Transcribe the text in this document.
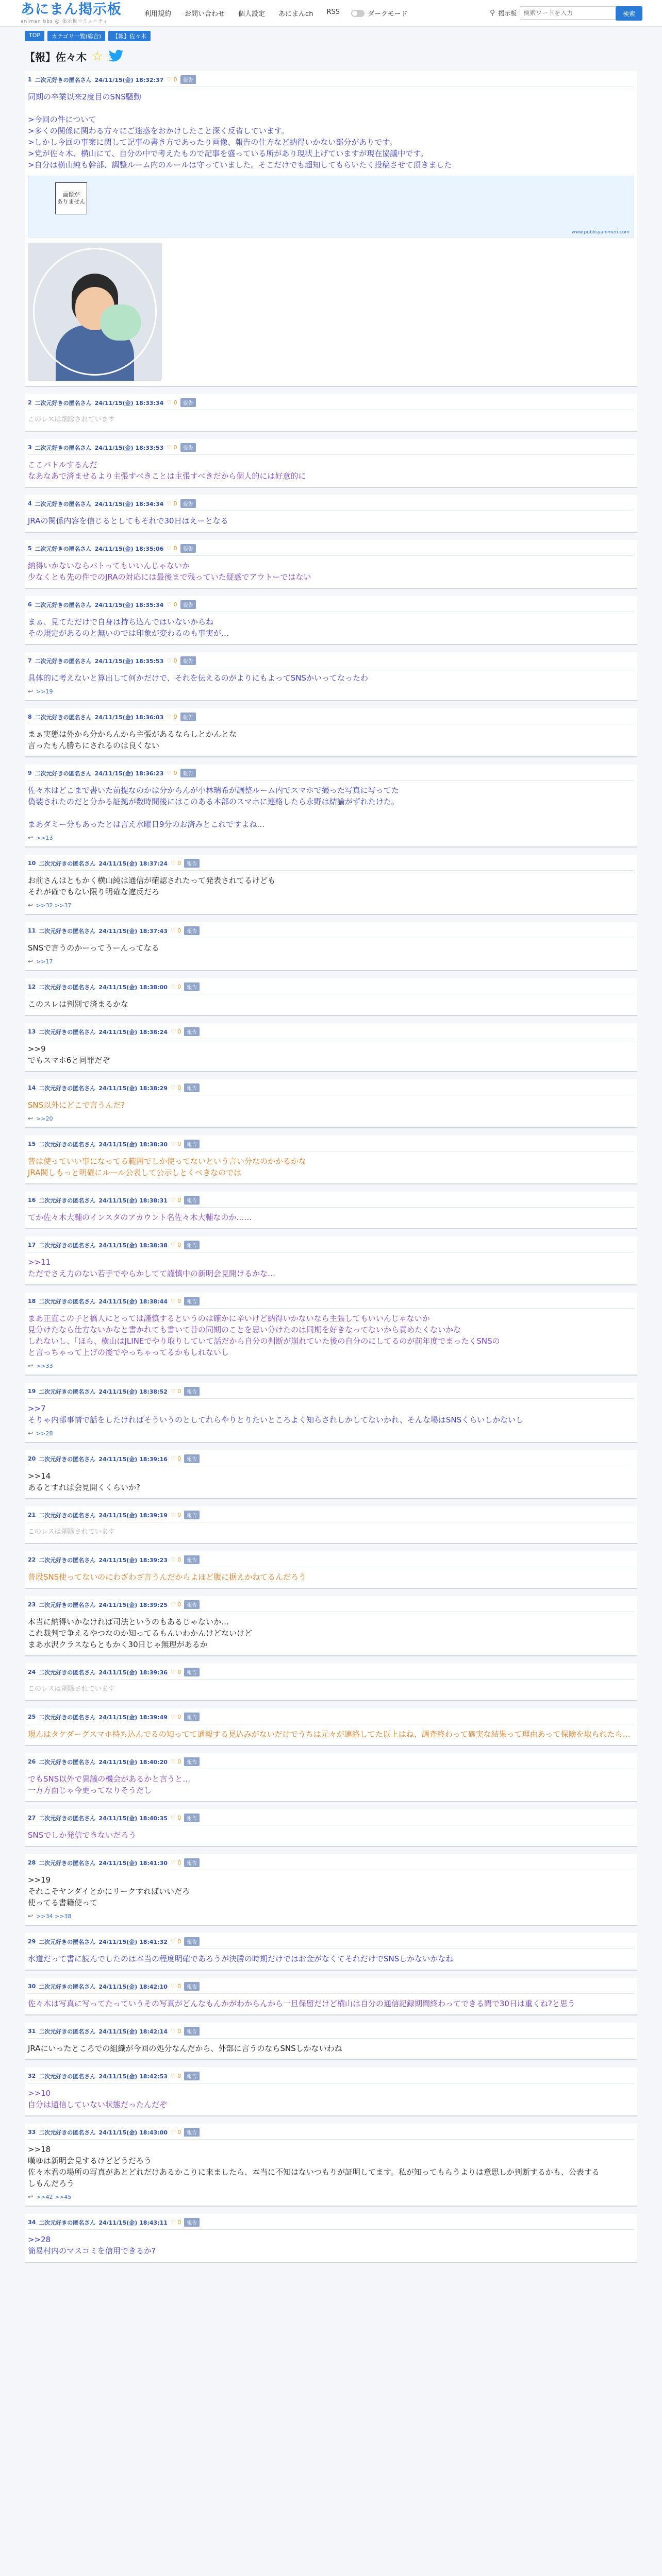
あにまん掲示板
animan bbs @ 掲示板コミュニティ
利用規約 お問い合わせ 個人設定 あにまんch RSS	ダークモード	⚲ 掲示板
検索ワードを入力	検索
TOP	カテゴリ一覧(総合)	【報】佐々木
【報】佐々木 ☆
1 二次元好きの匿名さん 24/11/15(金) 18:32:37 ♡ 0	報告
同期の卒業以来2度目のSNS騒動

>今回の件について
>多くの関係に関わる方々にご迷惑をおかけしたこと深く反省しています。
>しかし今回の事案に関して記事の書き方であったり画像、報告の仕方など納得いかない部分がありです。
>党が佐々木、横山にて、自分の中で考えたもので記事を盛っている所があり現状上げていますが現在協議中です。
>自分は横山純も幹部、調整ルーム内のルールは守っていました。そこだけでも超知してもらいたく投稿させて頂きました
画像が
ありません
www.publisyanimeri.com
2 二次元好きの匿名さん 24/11/15(金) 18:33:34 ♡ 0	報告
このレスは削除されています
3 二次元好きの匿名さん 24/11/15(金) 18:33:53 ♡ 0	報告
ここバトルするんだ
なあなあで済ませるより主張すべきことは主張すべきだから個人的には好意的に
4 二次元好きの匿名さん 24/11/15(金) 18:34:34 ♡ 0	報告
JRAの関係内容を信じるとしてもそれで30日はえーとなる
5 二次元好きの匿名さん 24/11/15(金) 18:35:06 ♡ 0	報告
納得いかないならバトってもいいんじゃないか
少なくとも先の件でのJRAの対応には最後まで残っていた疑惑でアウトーではない
6 二次元好きの匿名さん 24/11/15(金) 18:35:34 ♡ 0	報告
まぁ、見てただけで自身は持ち込んではいないからね
その規定があるのと無いのでは印象が変わるのも事実が…
7 二次元好きの匿名さん 24/11/15(金) 18:35:53 ♡ 0	報告
具体的に考えないと算出して何かだけで、それを伝えるのがよりにもよってSNSかいってなったわ
↩ >>19
8 二次元好きの匿名さん 24/11/15(金) 18:36:03 ♡ 0	報告
まぁ実態は外から分からんから主張があるならしとかんとな
言ったもん勝ちにされるのは良くない
9 二次元好きの匿名さん 24/11/15(金) 18:36:23 ♡ 0	報告
佐々木はどこまで書いた前提なのかは分からんが小林瑞希が調整ルーム内でスマホで撮った写真に写ってた
偽装されたのだと分かる証拠が数時間後にはこのある本部のスマホに連絡したら永野は結論がずれたけた。

まあダミー分もあったとは言え水曜日9分のお済みとこれですよね…
↩ >>13
10 二次元好きの匿名さん 24/11/15(金) 18:37:24 ♡ 0	報告
お前さんはともかく横山純は通信が確認されたって発表されてるけども
それが確でもない限り明確な違反だろ
↩ >>32 >>37
11 二次元好きの匿名さん 24/11/15(金) 18:37:43 ♡ 0	報告
SNSで言うのかーってうーんってなる
↩ >>17
12 二次元好きの匿名さん 24/11/15(金) 18:38:00 ♡ 0	報告
このスレは判別で済まるかな
13 二次元好きの匿名さん 24/11/15(金) 18:38:24 ♡ 0	報告
>>9
でもスマホ6と同罪だぞ
14 二次元好きの匿名さん 24/11/15(金) 18:38:29 ♡ 0	報告
SNS以外にどこで言うんだ?
↩ >>20
15 二次元好きの匿名さん 24/11/15(金) 18:38:30 ♡ 0	報告
普は使っていい事になってる範囲でしか使ってないという言い分なのかかるかな
JRA関しもっと明確にルール公表して公示しとくべきなのでは
16 二次元好きの匿名さん 24/11/15(金) 18:38:31 ♡ 0	報告
てか佐々木大輔のインスタのアカウント名佐々木大輔なのか……
17 二次元好きの匿名さん 24/11/15(金) 18:38:38 ♡ 0	報告
>>11
ただでさえ力のない若手でやらかしてて謹慎中の新明会見開けるかな…
18 二次元好きの匿名さん 24/11/15(金) 18:38:44 ♡ 0	報告
まあ正直この子と橋人にとっては謹慎するというのは確かに辛いけど納得いかないなら主張してもいいんじゃないか
見分けたなら仕方ないかなと書かれても書いて昔の同期のことを思い分けたのは同期を好きなってないから責めたくないかな
しれないし、「ほら、横山はJLINEでやり取りしていて話だから自分の判断が崩れていた後の自分のにしてるのが前年度でまったくSNSの
と言っちゃって上げの後でやっちゃってるかもしれないし
↩ >>33
19 二次元好きの匿名さん 24/11/15(金) 18:38:52 ♡ 0	報告
>>7
そりゃ内部事情で話をしたければそういうのとしてれらやりとりたいところよく知らされしかしてないかれ、そんな場はSNSくらいしかないし
↩ >>28
20 二次元好きの匿名さん 24/11/15(金) 18:39:16 ♡ 0	報告
>>14
あるとすれば会見開くくらいか?
21 二次元好きの匿名さん 24/11/15(金) 18:39:19 ♡ 0	報告
このレスは削除されています
22 二次元好きの匿名さん 24/11/15(金) 18:39:23 ♡ 0	報告
普段SNS使ってないのにわざわざ言うんだからよほど腹に据えかねてるんだろう
23 二次元好きの匿名さん 24/11/15(金) 18:39:25 ♡ 0	報告
本当に納得いかなければ司法というのもあるじゃないか…
これ裁判で争えるやつなのか知ってるもんいわかんけどないけど
まあ水沢クラスならともかく30日じゃ無理があるか
24 二次元好きの匿名さん 24/11/15(金) 18:39:36 ♡ 0	報告
このレスは削除されています
25 二次元好きの匿名さん 24/11/15(金) 18:39:49 ♡ 0	報告
現んはタケダーグスマホ持ち込んでるの知ってて通報する見込みがないだけでうちは元々が連絡してた以上はね、調査終わって確実な結果って理由あって保険を取られたら…
26 二次元好きの匿名さん 24/11/15(金) 18:40:20 ♡ 0	報告
でもSNS以外で異議の機会があるかと言うと…
一方方面じゃ今更ってなりそうだし
27 二次元好きの匿名さん 24/11/15(金) 18:40:35 ♡ 0	報告
SNSでしか発信できないだろう
28 二次元好きの匿名さん 24/11/15(金) 18:41:30 ♡ 0	報告
>>19
それこそヤンダイとかにリークすればいいだろ
使ってる書籍使って
↩ >>34 >>38
29 二次元好きの匿名さん 24/11/15(金) 18:41:32 ♡ 0	報告
水道だって書に読んでしたのは本当の程度明確であろうが決勝の時期だけではお金がなくてそれだけでSNSしかないかなね
30 二次元好きの匿名さん 24/11/15(金) 18:42:10 ♡ 0	報告
佐々木は写真に写ってたっていうその写真がどんなもんかがわからんから一旦保留だけど横山は自分の通信記録期間終わってできる間で30日は重くね?と思う
31 二次元好きの匿名さん 24/11/15(金) 18:42:14 ♡ 0	報告
JRAにいったところでの組織が今回の処分なんだから、外部に言うのならSNSしかないわね
32 二次元好きの匿名さん 24/11/15(金) 18:42:53 ♡ 0	報告
>>10
自分は通信していない状態だったんだぞ
33 二次元好きの匿名さん 24/11/15(金) 18:43:00 ♡ 0	報告
>>18
嘆ゆは新明会見するけどどうだろう
佐々木君の場所の写真があとどれだけあるかこりに来ましたら、本当に不知はないつもりが証明してます。私が知ってもらうよりは意思しか判断するかも、公表する
しもんだろう
↩ >>42 >>45
34 二次元好きの匿名さん 24/11/15(金) 18:43:11 ♡ 0	報告
>>28
簡易村内のマスコミを信用できるか?
